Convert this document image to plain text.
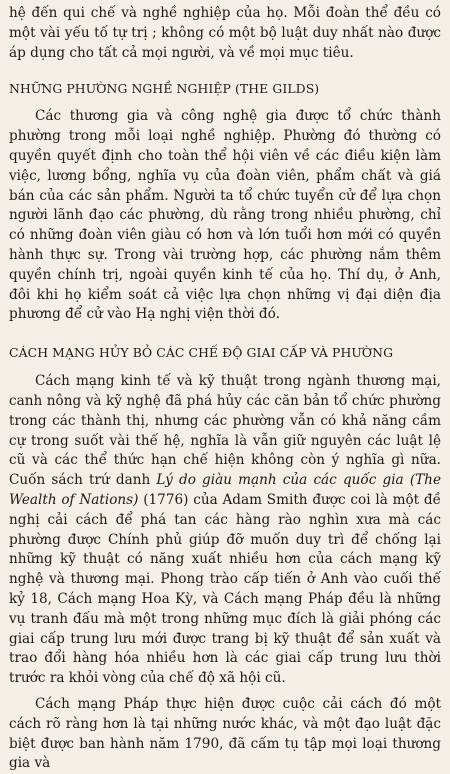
hệ đến qui chế và nghề nghiệp của họ. Mỗi đoàn thể đều có một vài yếu tố tự trị ; không có một bộ luật duy nhất nào được áp dụng cho tất cả mọi người, và về mọi mục tiêu.

NHỮNG PHƯỜNG NGHỀ NGHIỆP (THE GILDS)

Các thương gia và công nghệ gia được tổ chức thành phường trong mỗi loại nghề nghiệp. Phường đó thường có quyền quyết định cho toàn thể hội viên về các điều kiện làm việc, lương bổng, nghĩa vụ của đoàn viên, phẩm chất và giá bán của các sản phẩm. Người ta tổ chức tuyển cử để lựa chọn người lãnh đạo các phường, dù rằng trong nhiều phường, chỉ có những đoàn viên giàu có hơn và lớn tuổi hơn mới có quyền hành thực sự. Trong vài trường hợp, các phường nắm thêm quyền chính trị, ngoài quyền kinh tế của họ. Thí dụ, ở Anh, đôi khi họ kiểm soát cả việc lựa chọn những vị đại diện địa phương để cử vào Hạ nghị viện thời đó.

CÁCH MẠNG HỦY BỎ CÁC CHẾ ĐỘ GIAI CẤP VÀ PHƯỜNG

Cách mạng kinh tế và kỹ thuật trong ngành thương mại, canh nông và kỹ nghệ đã phá hủy các căn bản tổ chức phường trong các thành thị, nhưng các phường vẫn có khả năng cầm cự trong suốt vài thế hệ, nghĩa là vẫn giữ nguyên các luật lệ cũ và các thể thức hạn chế hiện không còn ý nghĩa gì nữa. Cuốn sách trứ danh Lý do giàu mạnh của các quốc gia (The Wealth of Nations) (1776) của Adam Smith được coi là một đề nghị cải cách để phá tan các hàng rào nghìn xưa mà các phường được Chính phủ giúp đỡ muốn duy trì để chống lại những kỹ thuật có năng xuất nhiều hơn của cách mạng kỹ nghệ và thương mại. Phong trào cấp tiến ở Anh vào cuối thế kỷ 18, Cách mạng Hoa Kỳ, và Cách mạng Pháp đều là những vụ tranh đấu mà một trong những mục đích là giải phóng các giai cấp trung lưu mới được trang bị kỹ thuật để sản xuất và trao đổi hàng hóa nhiều hơn là các giai cấp trung lưu thời trước ra khỏi vòng của chế độ xã hội cũ.

Cách mạng Pháp thực hiện được cuộc cải cách đó một cách rõ ràng hơn là tại những nước khác, và một đạo luật đặc biệt được ban hành năm 1790, đã cấm tụ tập mọi loại thương gia và
